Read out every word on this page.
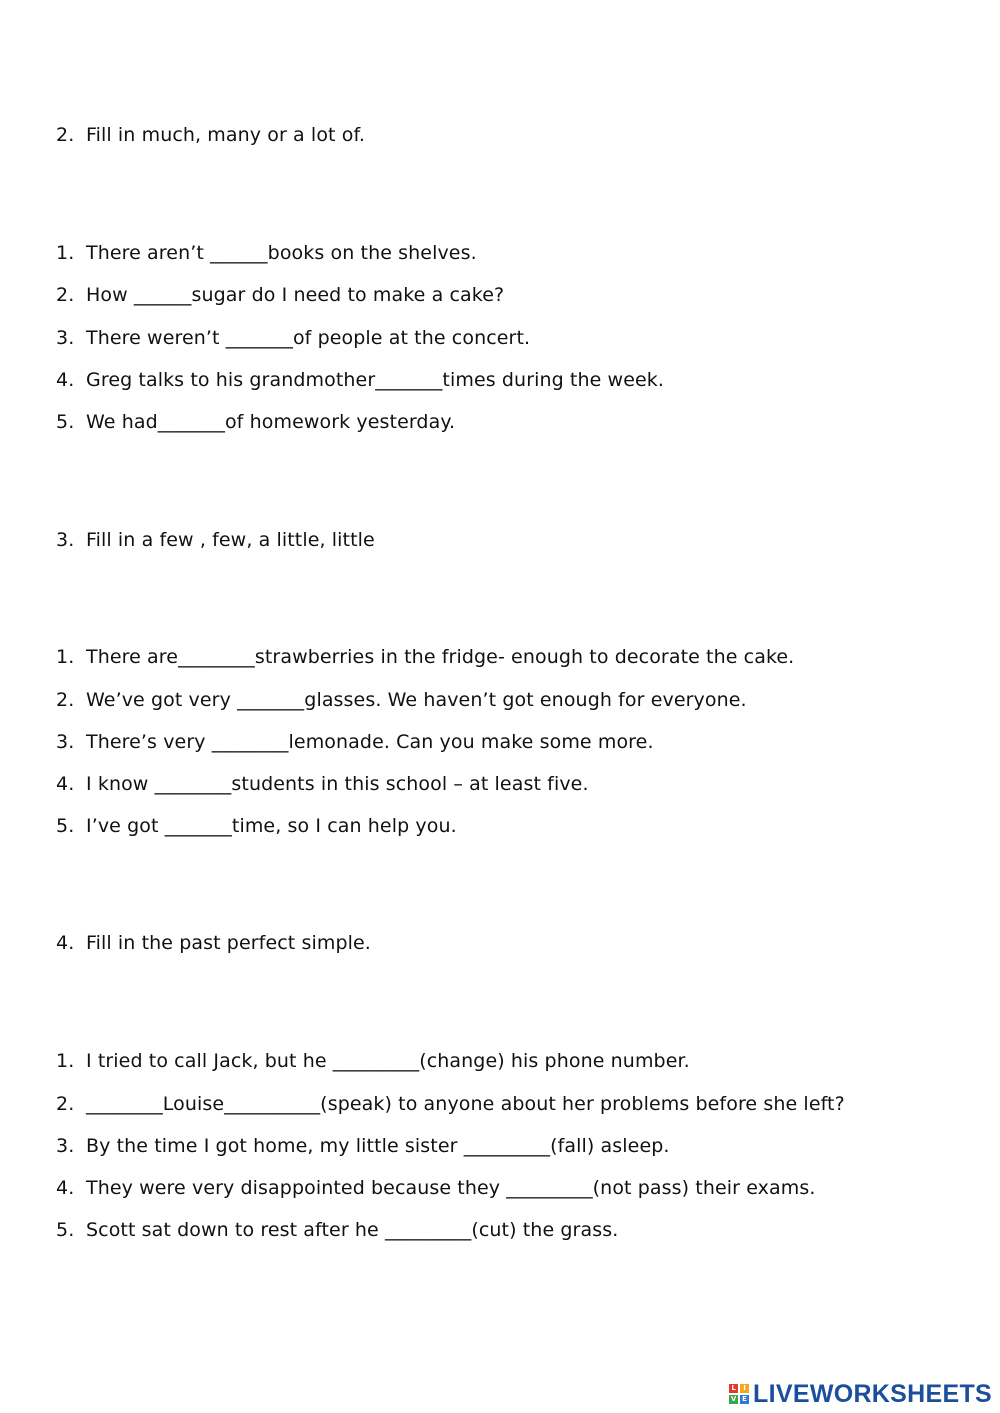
2. Fill in much, many or a lot of.
1. There aren’t ______books on the shelves.
2. How ______sugar do I need to make a cake?
3. There weren’t _______of people at the concert.
4. Greg talks to his grandmother_______times during the week.
5. We had_______of homework yesterday.
3. Fill in a few , few, a little, little
1. There are________strawberries in the fridge- enough to decorate the cake.
2. We’ve got very _______glasses. We haven’t got enough for everyone.
3. There’s very ________lemonade. Can you make some more.
4. I know ________students in this school – at least five.
5. I’ve got _______time, so I can help you.
4. Fill in the past perfect simple.
1. I tried to call Jack, but he _________(change) his phone number.
2. ________Louise__________(speak) to anyone about her problems before she left?
3. By the time I got home, my little sister _________(fall) asleep.
4. They were very disappointed because they _________(not pass) their exams.
5. Scott sat down to rest after he _________(cut) the grass.
L	I
V E LIVEWORKSHEETS
